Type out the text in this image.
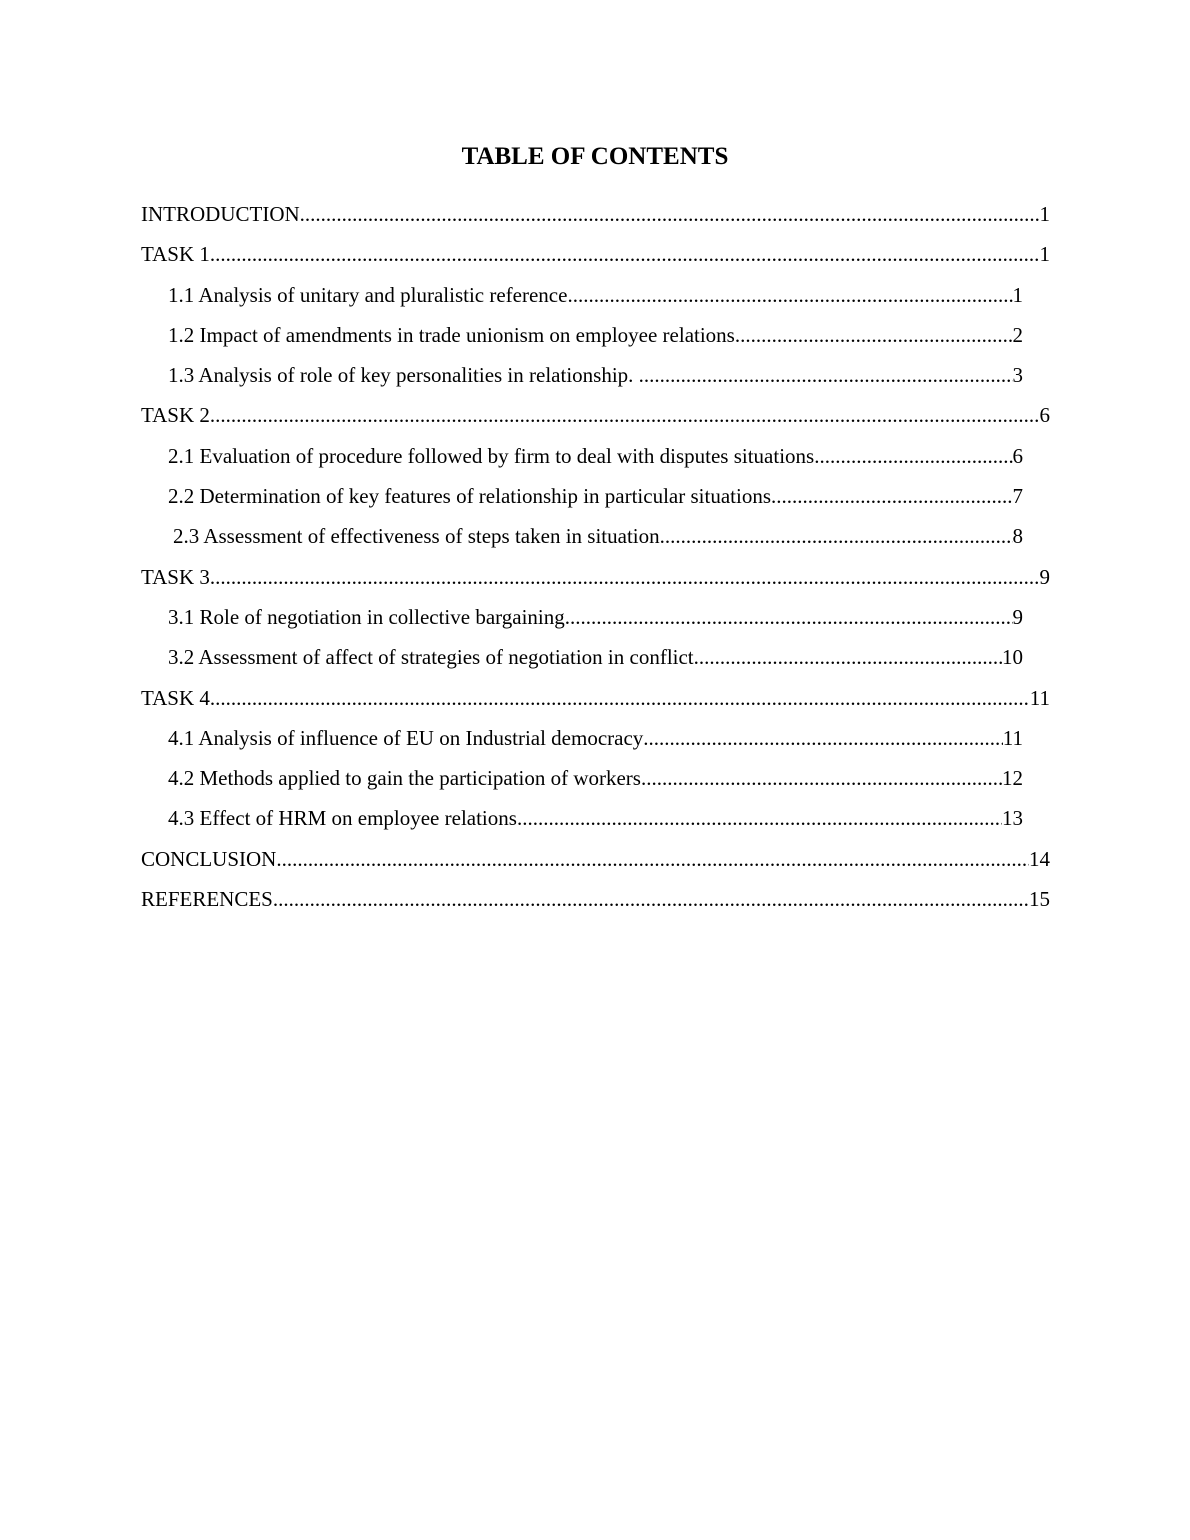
TABLE OF CONTENTS
INTRODUCTION .....	1
TASK 1 .....	1
1.1 Analysis of unitary and pluralistic reference .....	1
1.2 Impact of amendments in trade unionism on employee relations .....	2
1.3 Analysis of role of key personalities in relationship. .....	3
TASK 2 .....	6
2.1 Evaluation of procedure followed by firm to deal with disputes situations .....	6
2.2 Determination of key features of relationship in particular situations .....	7
2.3 Assessment of effectiveness of steps taken in situation .....	8
TASK 3 .....	9
3.1 Role of negotiation in collective bargaining .....	9
3.2 Assessment of affect of strategies of negotiation in conflict .....	10
TASK 4 .....	11
4.1 Analysis of influence of EU on Industrial democracy .....	11
4.2 Methods applied to gain the participation of workers .....	12
4.3 Effect of HRM on employee relations .....	13
CONCLUSION .....	14
REFERENCES .....	15
